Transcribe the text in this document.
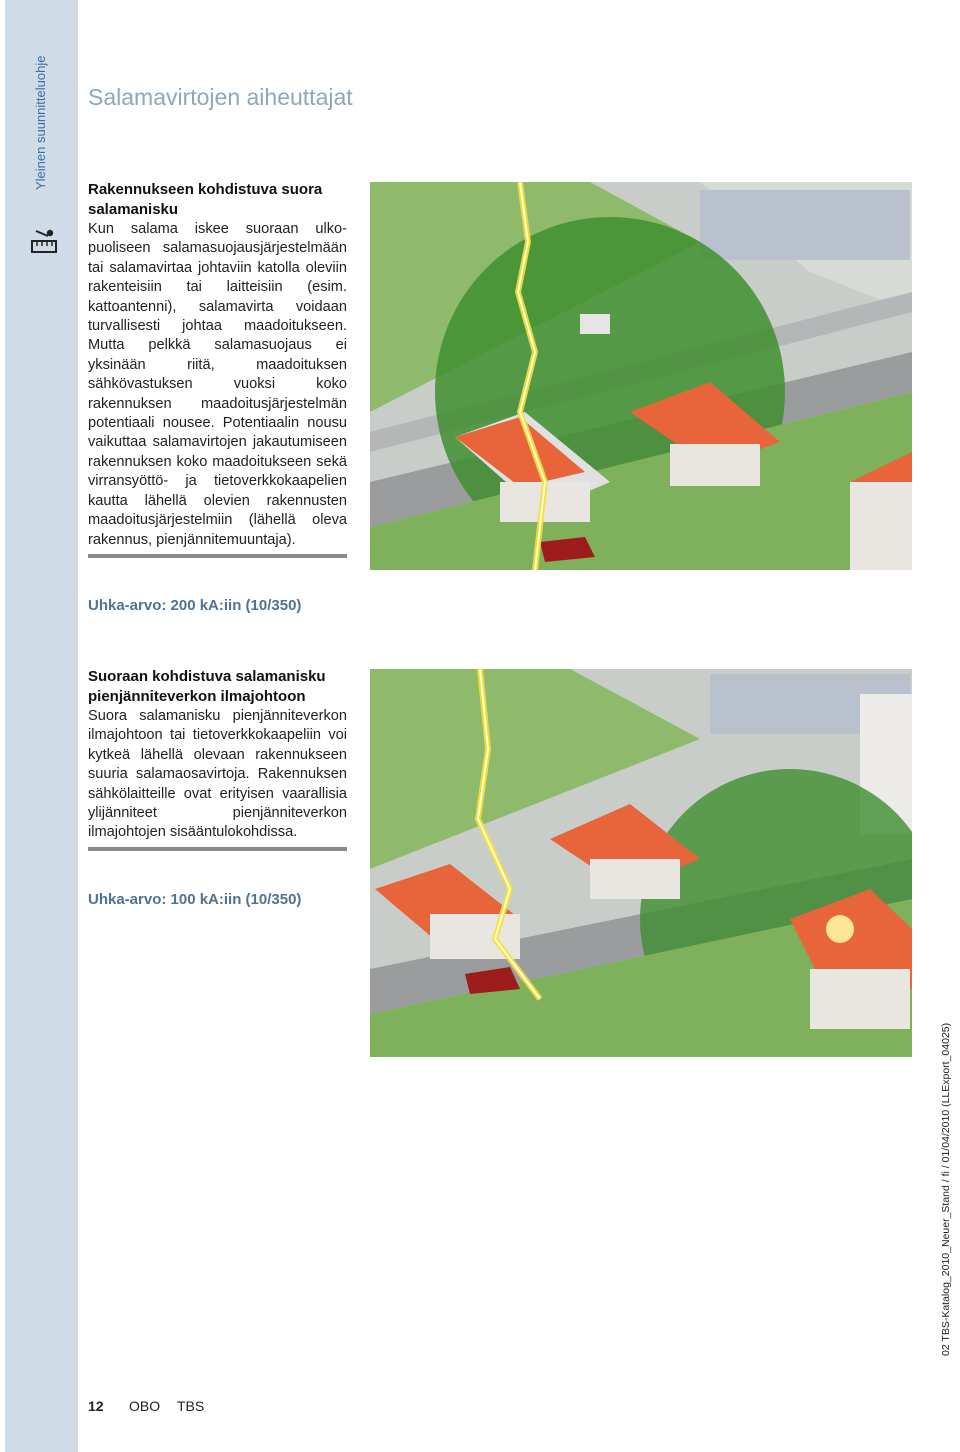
Yleinen suunnitteluohje Salamavirtojen aiheuttajat
Rakennukseen kohdistuva suora salamanisku

Kun salama iskee suoraan ulkopuoliseen salamasuojausjärjestelmään tai salamavirtaa johtaviin katolla oleviin rakenteisiin tai laitteisiin (esim. kattoantenni), salamavirta voidaan turvallisesti johtaa maadoitukseen. Mutta pelkkä salamasuojaus ei yksinään riitä, maadoituksen sähkövastuksen vuoksi koko rakennuksen maadoitusjärjestelmän potentiaali nousee. Potentiaalin nousu vaikuttaa salamavirtojen jakautumiseen rakennuksen koko maadoitukseen sekä virransyöttö- ja tietoverkkokaapelien kautta lähellä olevien rakennusten maadoitusjärjestelmiin (lähellä oleva rakennus, pienjännitemuuntaja).

Uhka-arvo: 200 kA:iin (10/350)
Suoraan kohdistuva salamanisku pienjänniteverkon ilmajohtoon

Suora salamanisku pienjänniteverkon ilmajohtoon tai tietoverkkokaapeliin voi kytkeä lähellä olevaan rakennukseen suuria salamaosavirtoja. Rakennuksen sähkölaitteille ovat erityisen vaarallisia ylijänniteet pienjänniteverkon ilmajohtojen sisääntulokohdissa.

Uhka-arvo: 100 kA:iin (10/350)
12 OBO TBS
02 TBS-Katalog_2010_Neuer_Stand / fi / 01/04/2010 (LLExport_04025)
